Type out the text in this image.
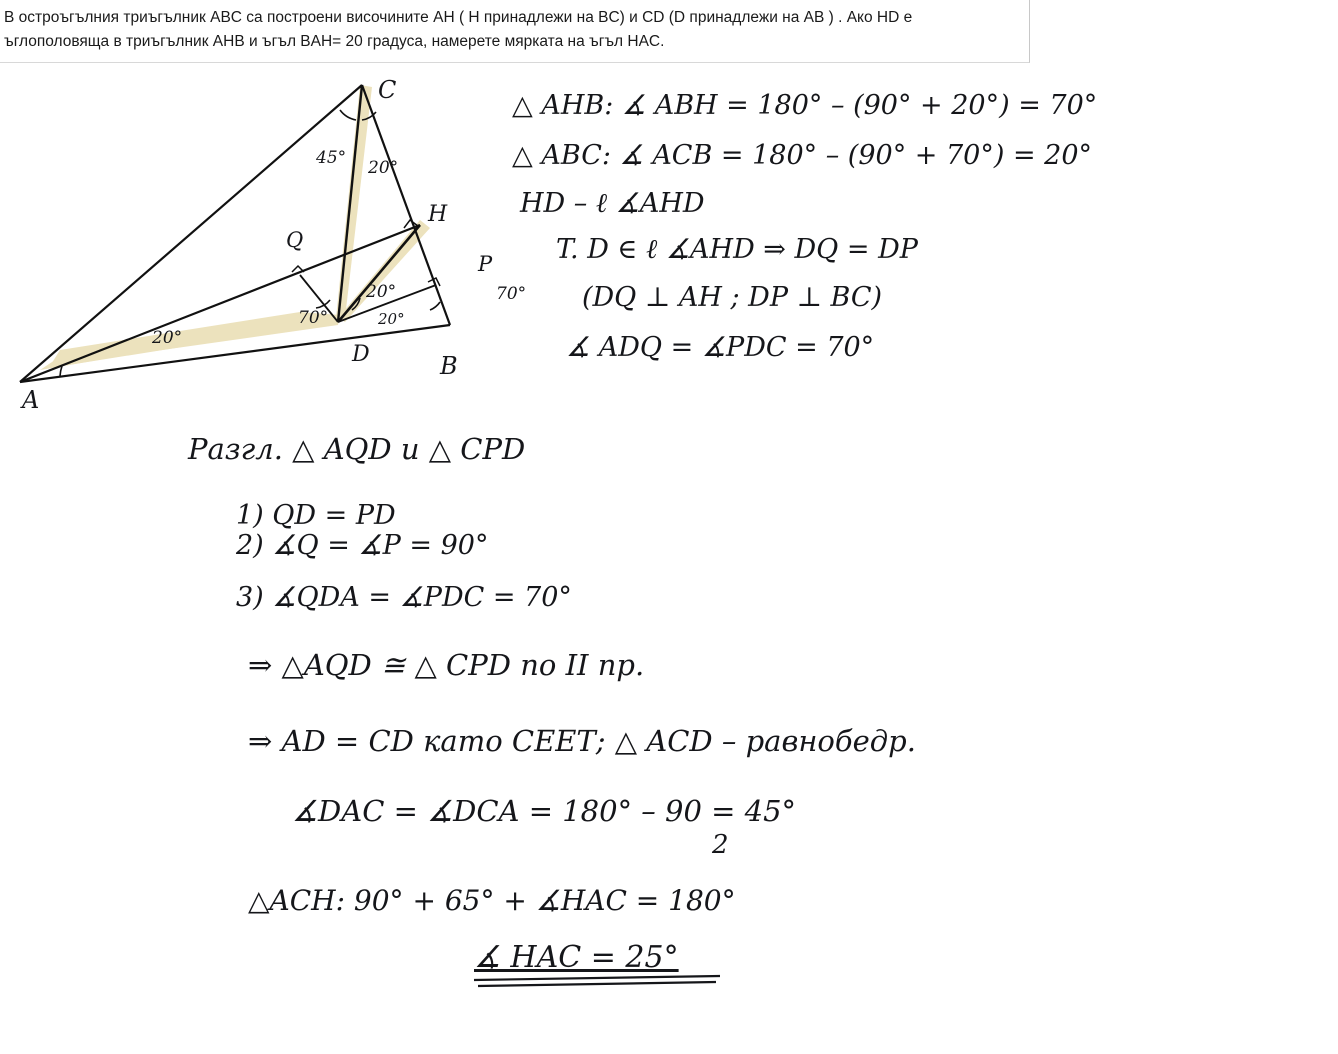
В остроъгълния триъгълник ABC са построени височините AH ( H принадлежи на BC) и CD (D принадлежи на AB ) . Ако HD е ъглополовяща в триъгълник AHB и ъгъл BAH= 20 градуса, намерете мярката на ъгъл HAC.
A
B
C
D
H
P
Q
20°
45° 20°
70°
20°
20°
70°
△ AHB: ∡ ABH = 180° – (90° + 20°) = 70°
△ ABC: ∡ ACB = 180° – (90° + 70°) = 20°
HD – ℓ ∡AHD
T. D ∈ ℓ ∡AHD ⇒ DQ = DP
(DQ ⊥ AH ; DP ⊥ BC)
∡ ADQ = ∡PDC = 70°
Разгл. △ AQD и △ CPD
1) QD = PD
2) ∡Q = ∡P = 90°
3) ∡QDA = ∡PDC = 70°
⇒ △AQD ≅ △ CPD по II пр.
⇒ AD = CD като СЕЕТ; △ ACD – равнобедр.
∡DAC = ∡DCA = 180° – 90 = 45°
2
△ACH: 90° + 65° + ∡HAC = 180°
∡ HAC = 25°
